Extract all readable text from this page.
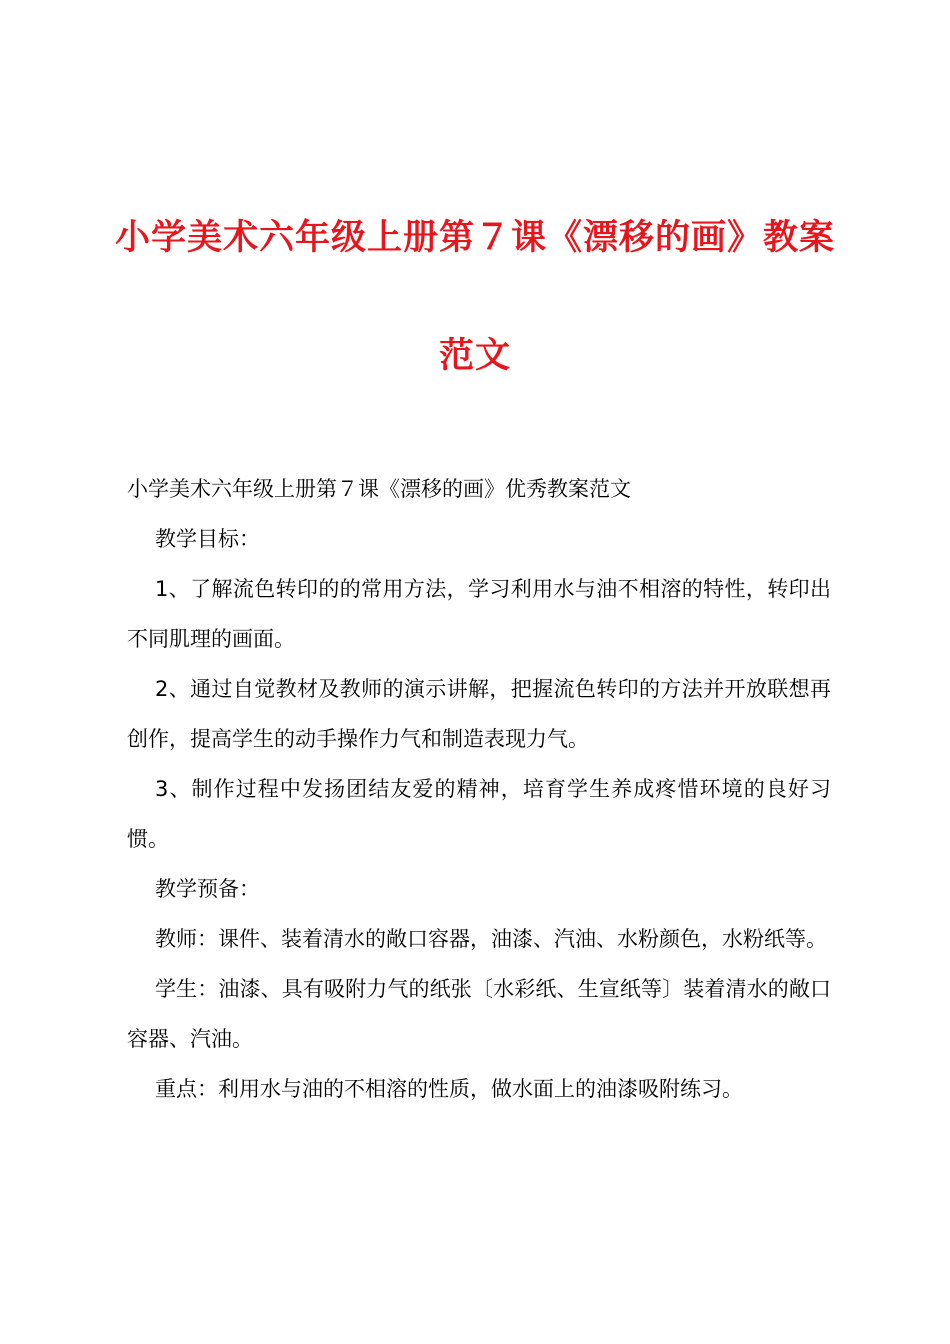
小学美术六年级上册第７课《漂移的画》教案
范文

小学美术六年级上册第７课《漂移的画》优秀教案范文

教学目标：

1、了解流色转印的的常用方法，学习利用水与油不相溶的特性，转印出不同肌理的画面。

2、通过自觉教材及教师的演示讲解，把握流色转印的方法并开放联想再创作，提高学生的动手操作力气和制造表现力气。

3、制作过程中发扬团结友爱的精神，培育学生养成疼惜环境的良好习惯。

教学预备：

教师：课件、装着清水的敞口容器，油漆、汽油、水粉颜色，水粉纸等。

学生：油漆、具有吸附力气的纸张〔水彩纸、生宣纸等〕装着清水的敞口容器、汽油。

重点：利用水与油的不相溶的性质，做水面上的油漆吸附练习。
